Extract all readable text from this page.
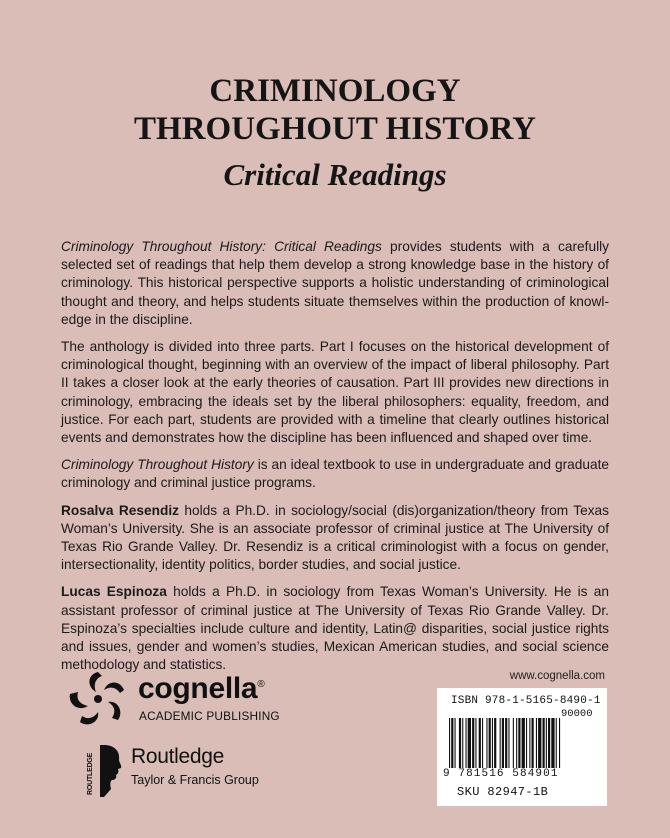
CRIMINOLOGY
THROUGHOUT HISTORY
Critical Readings

Criminology Throughout History: Critical Readings provides students with a carefully selected set of readings that help them develop a strong knowledge base in the history of criminology. This historical perspective supports a holistic understanding of criminological thought and theory, and helps students situate themselves within the production of knowledge in the discipline.

The anthology is divided into three parts. Part I focuses on the historical development of criminological thought, beginning with an overview of the impact of liberal philosophy. Part II takes a closer look at the early theories of causation. Part III provides new directions in criminology, embracing the ideals set by the liberal philosophers: equality, freedom, and justice. For each part, students are provided with a timeline that clearly outlines historical events and demonstrates how the discipline has been influenced and shaped over time.

Criminology Throughout History is an ideal textbook to use in undergraduate and graduate criminology and criminal justice programs.

Rosalva Resendiz holds a Ph.D. in sociology/social (dis)organization/theory from Texas Woman’s University. She is an associate professor of criminal justice at The University of Texas Rio Grande Valley. Dr. Resendiz is a critical criminologist with a focus on gender, intersectionality, identity politics, border studies, and social justice.

Lucas Espinoza holds a Ph.D. in sociology from Texas Woman’s University. He is an assistant professor of criminal justice at The University of Texas Rio Grande Valley. Dr. Espinoza’s specialties include culture and identity, Latin@ disparities, social justice rights and issues, gender and women’s studies, Mexican American studies, and social science methodology and statistics.

cognella®
ACADEMIC PUBLISHING
ROUTLEDGE Routledge
Taylor & Francis Group
www.cognella.com
ISBN 978-1-5165-8490-1
90000
9 781516 584901
SKU 82947-1B
